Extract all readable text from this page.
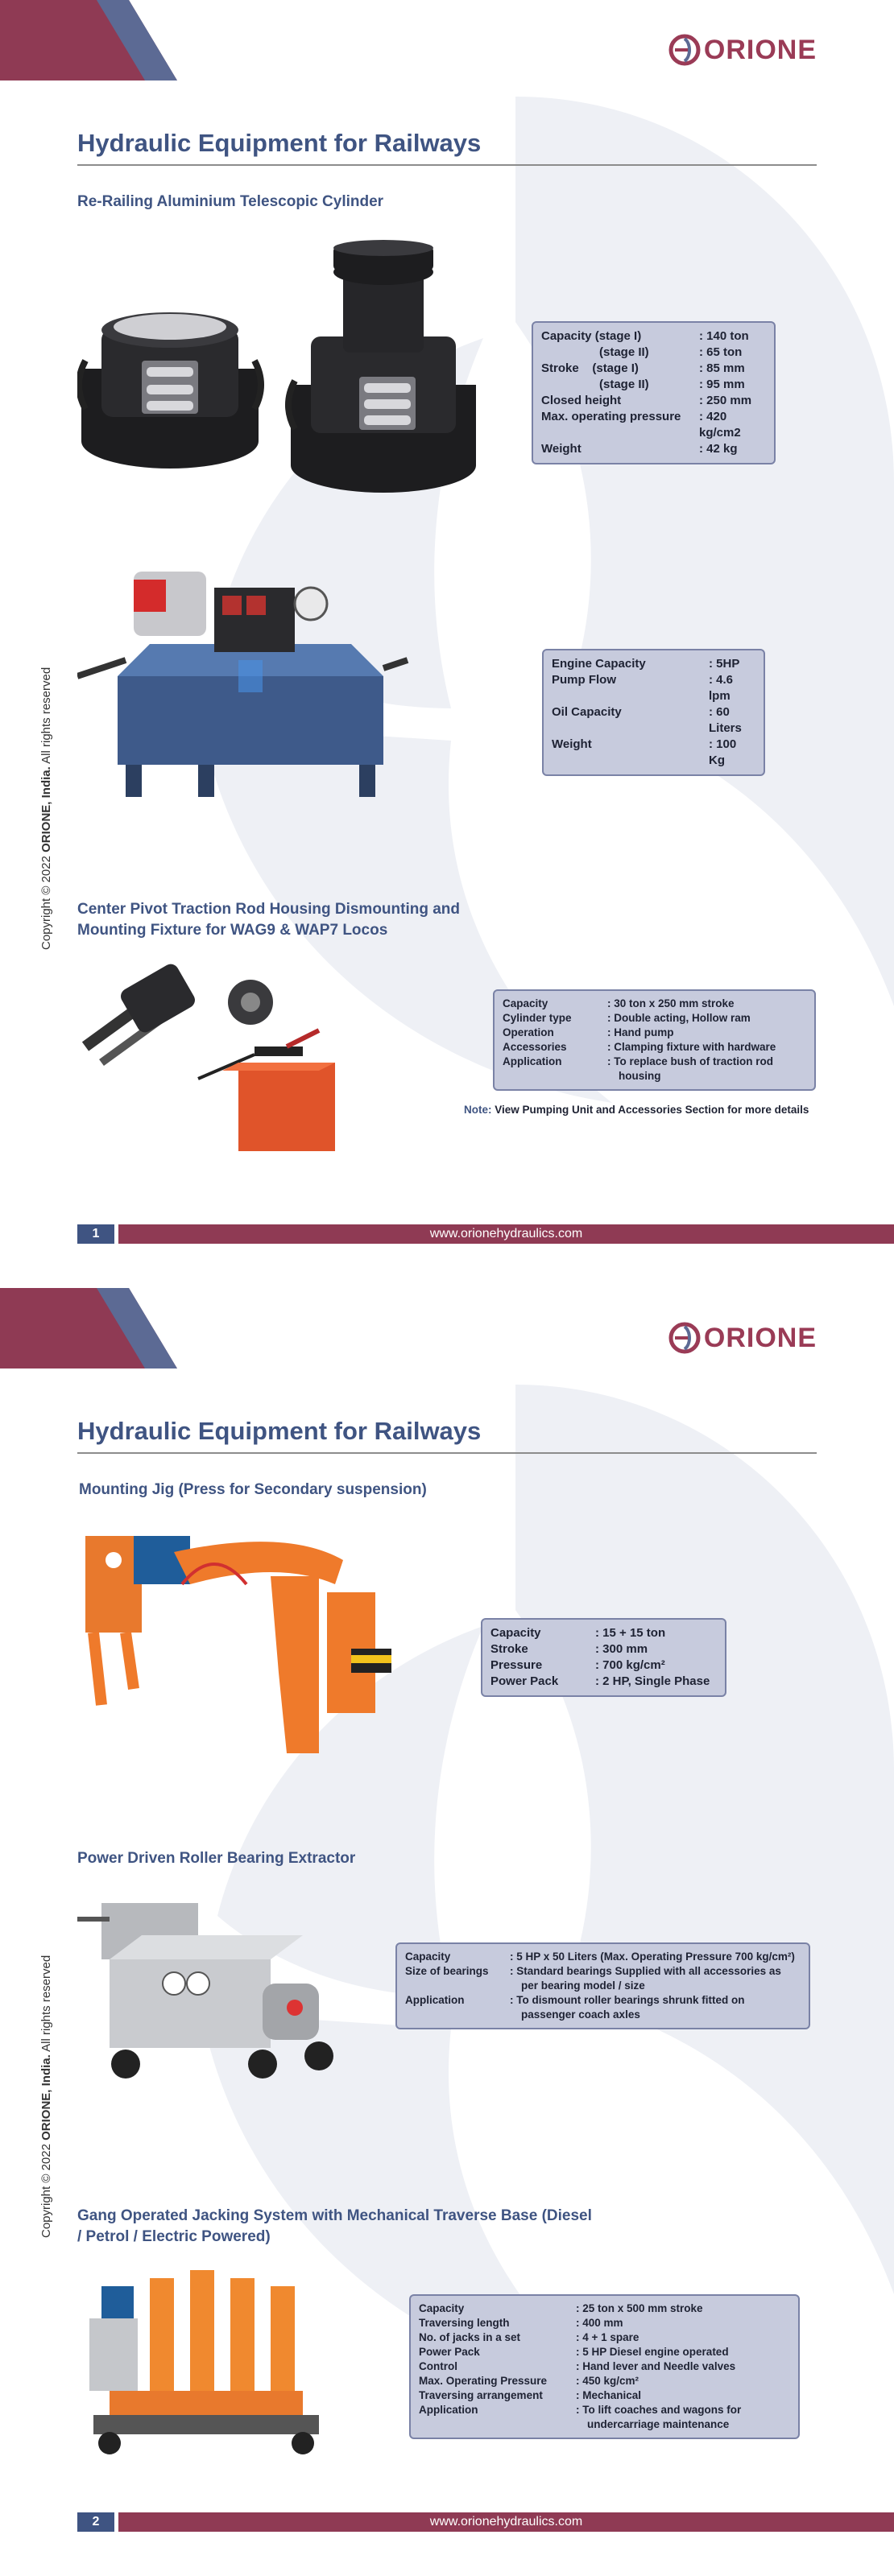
ORIONE
Hydraulic Equipment for Railways
Re-Railing Aluminium Telescopic Cylinder
Capacity (stage I)	: 140 ton
(stage II)	: 65 ton
Stroke    (stage I)	: 85 mm
(stage II)	: 95 mm
Closed height	: 250 mm
Max. operating pressure	: 420 kg/cm2
Weight	: 42 kg
Engine Capacity	: 5HP
Pump Flow	: 4.6 lpm
Oil Capacity	: 60 Liters
Weight	: 100 Kg
Center Pivot Traction Rod Housing Dismounting and Mounting Fixture for WAG9 & WAP7 Locos
Capacity	: 30 ton x 250 mm stroke
Cylinder type	: Double acting, Hollow ram
Operation	: Hand pump
Accessories	: Clamping fixture with hardware
Application	: To replace bush of traction rod housing
Note: View Pumping Unit and Accessories Section for more details
Copyright © 2022 ORIONE, India. All rights reserved
1	www.orionehydraulics.com
ORIONE
Hydraulic Equipment for Railways
Mounting Jig (Press for Secondary suspension)
Capacity	: 15 + 15 ton
Stroke	: 300 mm
Pressure	: 700 kg/cm²
Power Pack	: 2 HP, Single Phase
Power Driven Roller Bearing Extractor
Capacity	: 5 HP x 50 Liters (Max. Operating Pressure 700 kg/cm²)
Size of bearings	: Standard bearings Supplied with all accessories as per bearing model / size
Application	: To dismount roller bearings shrunk fitted on passenger coach axles
Gang Operated Jacking System with Mechanical Traverse Base (Diesel / Petrol / Electric Powered)
Capacity	: 25 ton x 500 mm stroke
Traversing length	: 400 mm
No. of jacks in a set	: 4 + 1 spare
Power Pack	: 5 HP Diesel engine operated
Control	: Hand lever and Needle valves
Max. Operating Pressure	: 450 kg/cm²
Traversing arrangement	: Mechanical
Application	: To lift coaches and wagons for undercarriage maintenance
Copyright © 2022 ORIONE, India. All rights reserved
2	www.orionehydraulics.com
